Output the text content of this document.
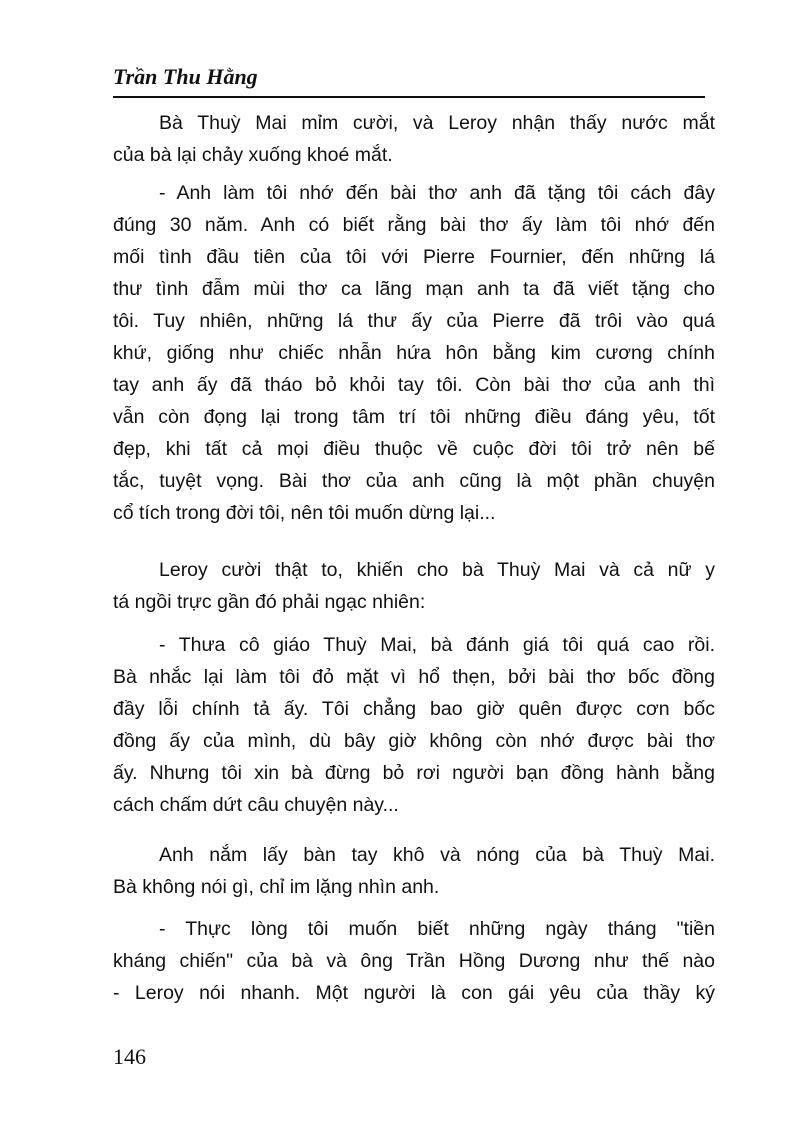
Trần Thu Hằng
Bà Thuỳ Mai mỉm cười, và Leroy nhận thấy nước mắt
của bà lại chảy xuống khoé mắt.
- Anh làm tôi nhớ đến bài thơ anh đã tặng tôi cách đây
đúng 30 năm. Anh có biết rằng bài thơ ấy làm tôi nhớ đến
mối tình đầu tiên của tôi với Pierre Fournier, đến những lá
thư tình đẫm mùi thơ ca lãng mạn anh ta đã viết tặng cho
tôi. Tuy nhiên, những lá thư ấy của Pierre đã trôi vào quá
khứ, giống như chiếc nhẫn hứa hôn bằng kim cương chính
tay anh ấy đã tháo bỏ khỏi tay tôi. Còn bài thơ của anh thì
vẫn còn đọng lại trong tâm trí tôi những điều đáng yêu, tốt
đẹp, khi tất cả mọi điều thuộc về cuộc đời tôi trở nên bế
tắc, tuyệt vọng. Bài thơ của anh cũng là một phần chuyện
cổ tích trong đời tôi, nên tôi muốn dừng lại...
Leroy cười thật to, khiến cho bà Thuỳ Mai và cả nữ y
tá ngồi trực gần đó phải ngạc nhiên:
- Thưa cô giáo Thuỳ Mai, bà đánh giá tôi quá cao rồi.
Bà nhắc lại làm tôi đỏ mặt vì hổ thẹn, bởi bài thơ bốc đồng
đầy lỗi chính tả ấy. Tôi chẳng bao giờ quên được cơn bốc
đồng ấy của mình, dù bây giờ không còn nhớ được bài thơ
ấy. Nhưng tôi xin bà đừng bỏ rơi người bạn đồng hành bằng
cách chấm dứt câu chuyện này...
Anh nắm lấy bàn tay khô và nóng của bà Thuỳ Mai.
Bà không nói gì, chỉ im lặng nhìn anh.
- Thực lòng tôi muốn biết những ngày tháng "tiền
kháng chiến" của bà và ông Trần Hồng Dương như thế nào
- Leroy nói nhanh. Một người là con gái yêu của thầy ký
146
